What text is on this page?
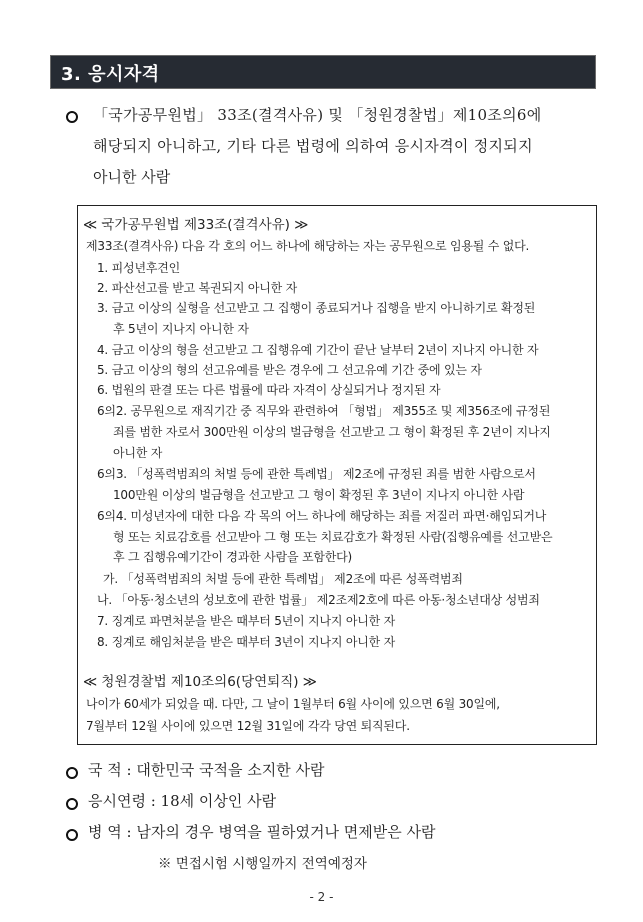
3. 응시자격
「국가공무원법」 33조(결격사유) 및 「청원경찰법」제10조의6에
해당되지 아니하고, 기타 다른 법령에 의하여 응시자격이 정지되지
아니한 사람
≪ 국가공무원법 제33조(결격사유) ≫
제33조(결격사유) 다음 각 호의 어느 하나에 해당하는 자는 공무원으로 임용될 수 없다.
1. 피성년후견인
2. 파산선고를 받고 복권되지 아니한 자
3. 금고 이상의 실형을 선고받고 그 집행이 종료되거나 집행을 받지 아니하기로 확정된
후 5년이 지나지 아니한 자
4. 금고 이상의 형을 선고받고 그 집행유예 기간이 끝난 날부터 2년이 지나지 아니한 자
5. 금고 이상의 형의 선고유예를 받은 경우에 그 선고유예 기간 중에 있는 자
6. 법원의 판결 또는 다른 법률에 따라 자격이 상실되거나 정지된 자
6의2. 공무원으로 재직기간 중 직무와 관련하여 「형법」 제355조 및 제356조에 규정된
죄를 범한 자로서 300만원 이상의 벌금형을 선고받고 그 형이 확정된 후 2년이 지나지
아니한 자
6의3. 「성폭력범죄의 처벌 등에 관한 특례법」 제2조에 규정된 죄를 범한 사람으로서
100만원 이상의 벌금형을 선고받고 그 형이 확정된 후 3년이 지나지 아니한 사람
6의4. 미성년자에 대한 다음 각 목의 어느 하나에 해당하는 죄를 저질러 파면·해임되거나
형 또는 치료감호를 선고받아 그 형 또는 치료감호가 확정된 사람(집행유예를 선고받은
후 그 집행유예기간이 경과한 사람을 포함한다)
가. 「성폭력범죄의 처벌 등에 관한 특례법」 제2조에 따른 성폭력범죄
나. 「아동·청소년의 성보호에 관한 법률」 제2조제2호에 따른 아동·청소년대상 성범죄
7. 징계로 파면처분을 받은 때부터 5년이 지나지 아니한 자
8. 징계로 해임처분을 받은 때부터 3년이 지나지 아니한 자
≪ 청원경찰법 제10조의6(당연퇴직) ≫
나이가 60세가 되었을 때. 다만, 그 날이 1월부터 6월 사이에 있으면 6월 30일에,
7월부터 12월 사이에 있으면 12월 31일에 각각 당연 퇴직된다.
국 적 : 대한민국 국적을 소지한 사람
응시연령 : 18세 이상인 사람
병 역 : 남자의 경우 병역을 필하였거나 면제받은 사람
※ 면접시험 시행일까지 전역예정자
- 2 -
